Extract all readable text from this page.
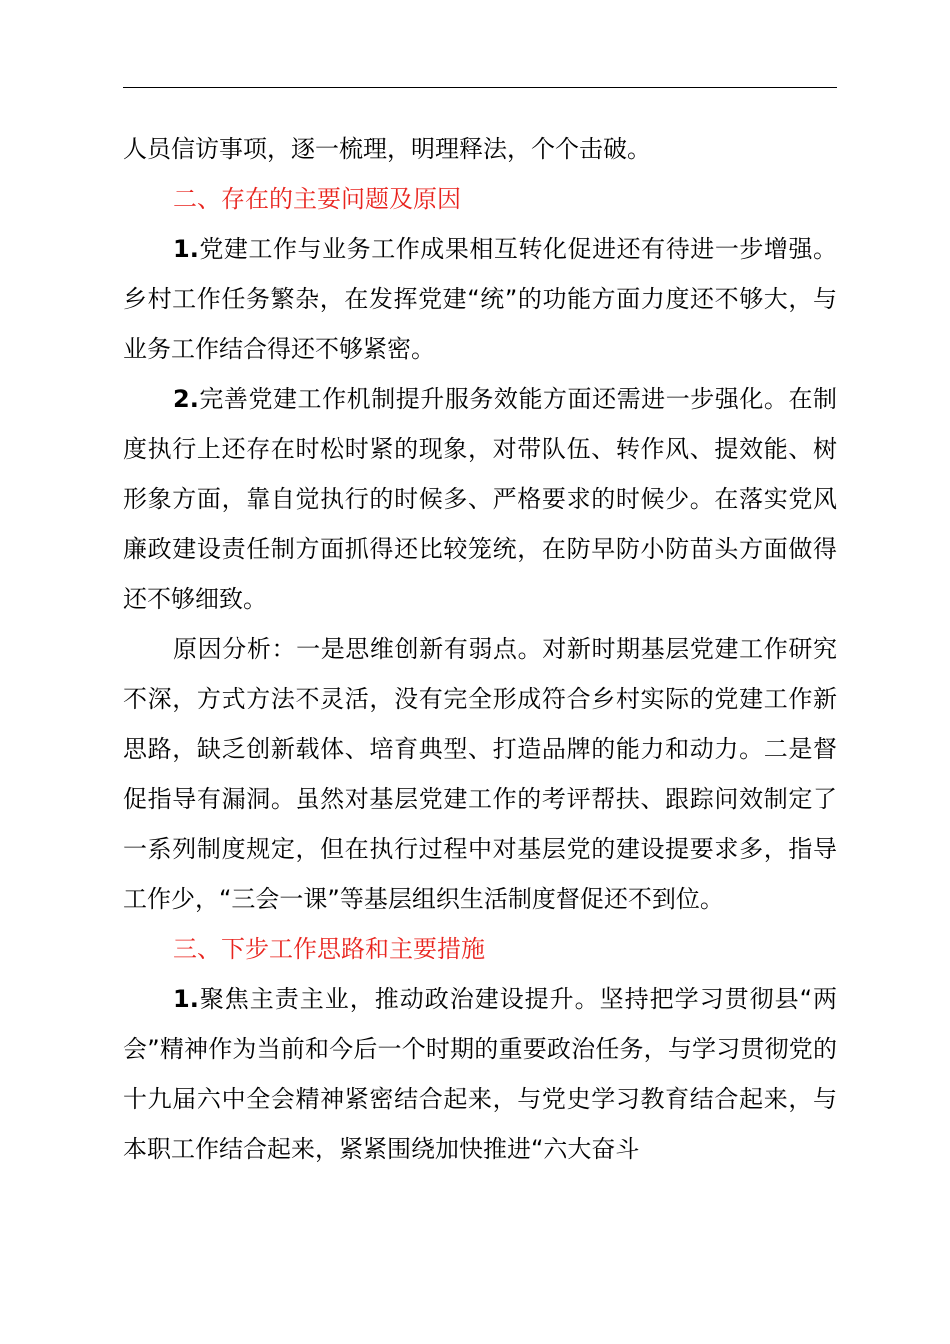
人员信访事项，逐一梳理，明理释法，个个击破。

二、存在的主要问题及原因

1.党建工作与业务工作成果相互转化促进还有待进一步增强。乡村工作任务繁杂，在发挥党建“统”的功能方面力度还不够大，与业务工作结合得还不够紧密。

2.完善党建工作机制提升服务效能方面还需进一步强化。在制度执行上还存在时松时紧的现象，对带队伍、转作风、提效能、树形象方面，靠自觉执行的时候多、严格要求的时候少。在落实党风廉政建设责任制方面抓得还比较笼统，在防早防小防苗头方面做得还不够细致。

原因分析：一是思维创新有弱点。对新时期基层党建工作研究不深，方式方法不灵活，没有完全形成符合乡村实际的党建工作新思路，缺乏创新载体、培育典型、打造品牌的能力和动力。二是督促指导有漏洞。虽然对基层党建工作的考评帮扶、跟踪问效制定了一系列制度规定，但在执行过程中对基层党的建设提要求多，指导工作少，“三会一课”等基层组织生活制度督促还不到位。

三、下步工作思路和主要措施

1.聚焦主责主业，推动政治建设提升。坚持把学习贯彻县“两会”精神作为当前和今后一个时期的重要政治任务，与学习贯彻党的十九届六中全会精神紧密结合起来，与党史学习教育结合起来，与本职工作结合起来，紧紧围绕加快推进“六大奋斗
